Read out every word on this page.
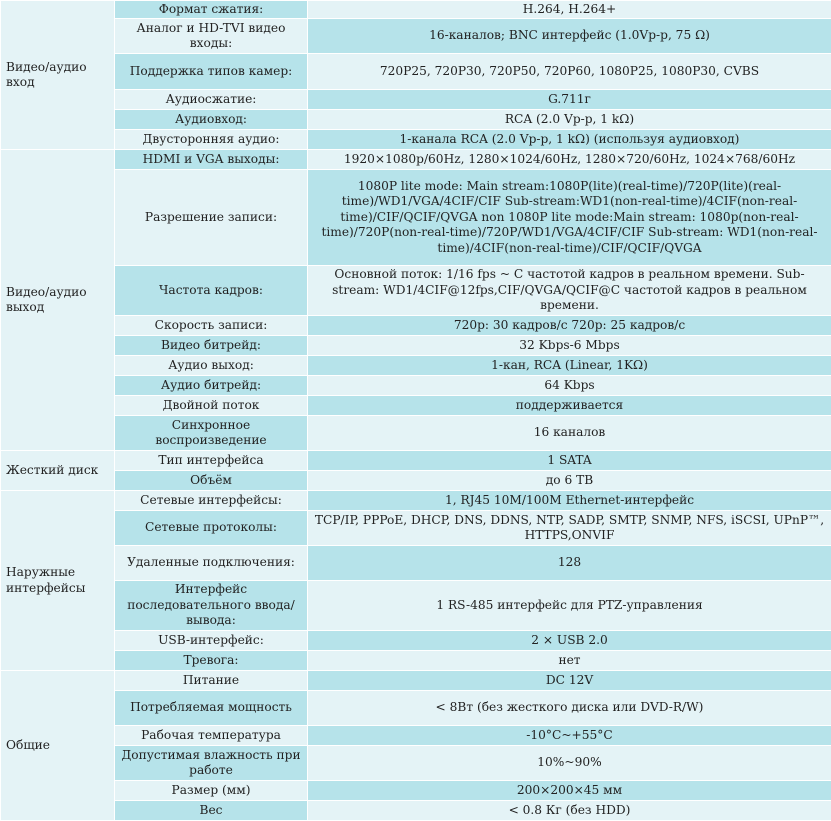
Видео/аудио вход	Формат сжатия:	H.264, H.264+
	Аналог и HD-TVI видео входы:	16-каналов; BNC интерфейс (1.0Vp-p, 75 Ω)
	Поддержка типов камер:	720P25, 720P30, 720P50, 720P60, 1080P25, 1080P30, CVBS
	Аудиосжатие:	G.711г
	Аудиовход:	RCA (2.0 Vp-p, 1 kΩ)
	Двусторонняя аудио:	1-канала RCA (2.0 Vp-p, 1 kΩ) (используя аудиовход)
Видео/аудио выход	HDMI и VGA выходы:	1920×1080p/60Hz, 1280×1024/60Hz, 1280×720/60Hz, 1024×768/60Hz
	Разрешение записи:	1080P lite mode: Main stream:1080P(lite)(real-time)/720P(lite)(real-time)/WD1/VGA/4CIF/CIF Sub-stream:WD1(non-real-time)/4CIF(non-real-time)/CIF/QCIF/QVGA non 1080P lite mode:Main stream: 1080p(non-real-time)/720P(non-real-time)/720P/WD1/VGA/4CIF/CIF Sub-stream: WD1(non-real-time)/4CIF(non-real-time)/CIF/QCIF/QVGA
	Частота кадров:	Основной поток: 1/16 fps ~ С частотой кадров в реальном времени. Sub-stream: WD1/4CIF@12fps,CIF/QVGA/QCIF@C частотой кадров в реальном времени.
	Скорость записи:	720p: 30 кадров/с 720p: 25 кадров/с
	Видео битрейд:	32 Kbps-6 Mbps
	Аудио выход:	1-кан, RCA (Linear, 1KΩ)
	Аудио битрейд:	64 Kbps
	Двойной поток	поддерживается
	Синхронное воспроизведение	16 каналов
Жесткий диск	Тип интерфейса	1 SATA
	Объём	до 6 TB
Наружные интерфейсы	Сетевые интерфейсы:	1, RJ45 10M/100M Ethernet-интерфейс
	Сетевые протоколы:	TCP/IP, PPPoE, DHCP, DNS, DDNS, NTP, SADP, SMTP, SNMP, NFS, iSCSI, UPnP™, HTTPS,ONVIF
	Удаленные подключения:	128
	Интерфейс последовательного ввода/вывода:	1 RS-485 интерфейс для PTZ-управления
	USB-интерфейс:	2 × USB 2.0
	Тревога:	нет
Общие	Питание	DC 12V
	Потребляемая мощность	< 8Вт (без жесткого диска или DVD-R/W)
	Рабочая температура	-10°C~+55°C
	Допустимая влажность при работе	10%~90%
	Размер (мм)	200×200×45 мм
	Вес	< 0.8 Кг (без HDD)
